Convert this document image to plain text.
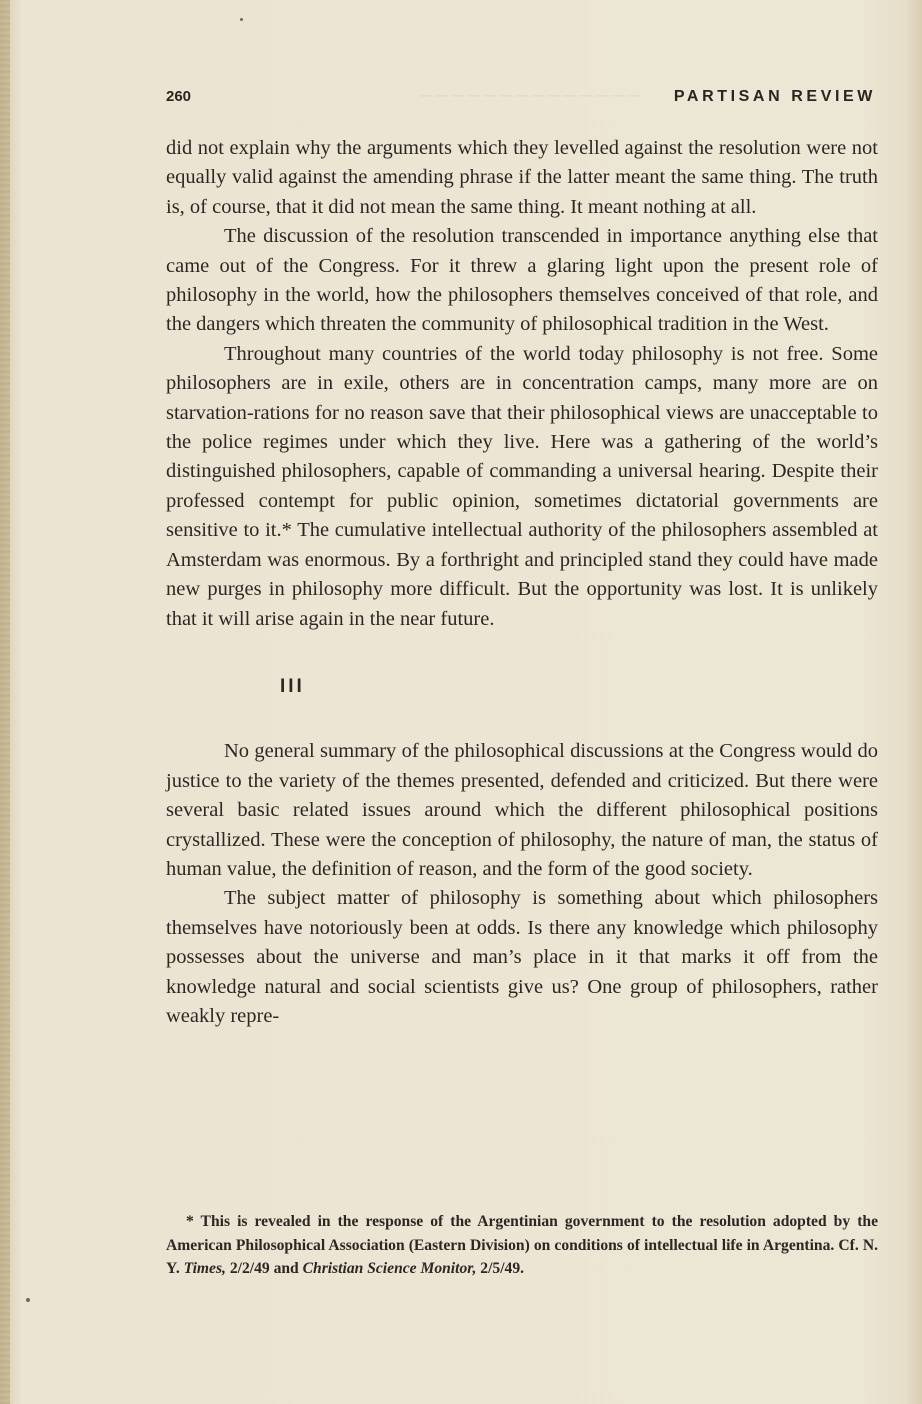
──────────────
260	PARTISAN REVIEW

did not explain why the arguments which they levelled against the resolution were not equally valid against the amending phrase if the latter meant the same thing. The truth is, of course, that it did not mean the same thing. It meant nothing at all.

The discussion of the resolution transcended in importance anything else that came out of the Congress. For it threw a glaring light upon the present role of philosophy in the world, how the philosophers themselves conceived of that role, and the dangers which threaten the community of philosophical tradition in the West.

Throughout many countries of the world today philosophy is not free. Some philosophers are in exile, others are in concentration camps, many more are on starvation-rations for no reason save that their philosophical views are unacceptable to the police regimes under which they live. Here was a gathering of the world’s distinguished philosophers, capable of commanding a universal hearing. Despite their professed contempt for public opinion, sometimes dictatorial governments are sensitive to it.* The cumulative intellectual authority of the philosophers assembled at Amsterdam was enormous. By a forthright and principled stand they could have made new purges in philosophy more difficult. But the opportunity was lost. It is unlikely that it will arise again in the near future.

III

No general summary of the philosophical discussions at the Congress would do justice to the variety of the themes presented, defended and criticized. But there were several basic related issues around which the different philosophical positions crystallized. These were the conception of philosophy, the nature of man, the status of human value, the definition of reason, and the form of the good society.

The subject matter of philosophy is something about which philosophers themselves have notoriously been at odds. Is there any knowledge which philosophy possesses about the universe and man’s place in it that marks it off from the knowledge natural and social scientists give us? One group of philosophers, rather weakly repre-

* This is revealed in the response of the Argentinian government to the resolution adopted by the American Philosophical Association (Eastern Division) on conditions of intellectual life in Argentina. Cf. N. Y. Times, 2/2/49 and Christian Science Monitor, 2/5/49.
